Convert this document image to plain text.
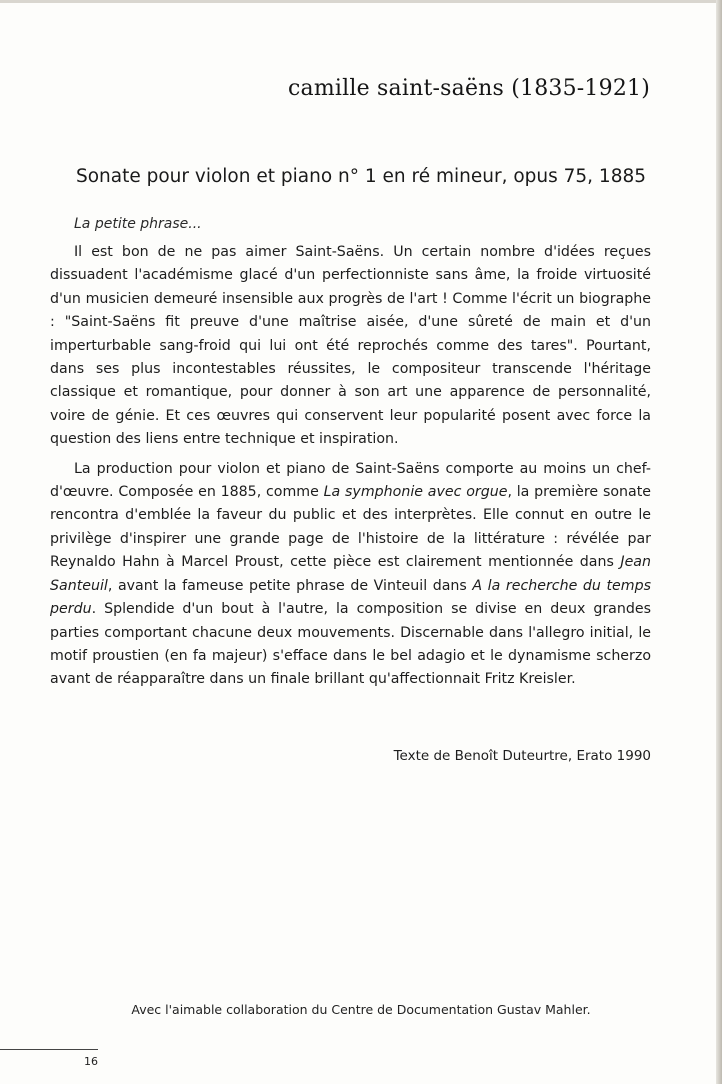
camille saint-saëns (1835-1921)
Sonate pour violon et piano n° 1 en ré mineur, opus 75, 1885
La petite phrase...

Il est bon de ne pas aimer Saint-Saëns. Un certain nombre d'idées reçues dissuadent l'académisme glacé d'un perfectionniste sans âme, la froide virtuosité d'un musicien demeuré insensible aux progrès de l'art ! Comme l'écrit un biographe : "Saint-Saëns fit preuve d'une maîtrise aisée, d'une sûreté de main et d'un imperturbable sang-froid qui lui ont été reprochés comme des tares". Pourtant, dans ses plus incontestables réussites, le compositeur transcende l'héritage classique et romantique, pour donner à son art une apparence de personnalité, voire de génie. Et ces œuvres qui conservent leur popularité posent avec force la question des liens entre technique et inspiration.

La production pour violon et piano de Saint-Saëns comporte au moins un chef-d'œuvre. Composée en 1885, comme La symphonie avec orgue, la première sonate rencontra d'emblée la faveur du public et des interprètes. Elle connut en outre le privilège d'inspirer une grande page de l'histoire de la littérature : révélée par Reynaldo Hahn à Marcel Proust, cette pièce est clairement mentionnée dans Jean Santeuil, avant la fameuse petite phrase de Vinteuil dans A la recherche du temps perdu. Splendide d'un bout à l'autre, la composition se divise en deux grandes parties comportant chacune deux mouvements. Discernable dans l'allegro initial, le motif proustien (en fa majeur) s'efface dans le bel adagio et le dynamisme scherzo avant de réapparaître dans un finale brillant qu'affectionnait Fritz Kreisler.

Texte de Benoît Duteurtre, Erato 1990
Avec l'aimable collaboration du Centre de Documentation Gustav Mahler.
16
